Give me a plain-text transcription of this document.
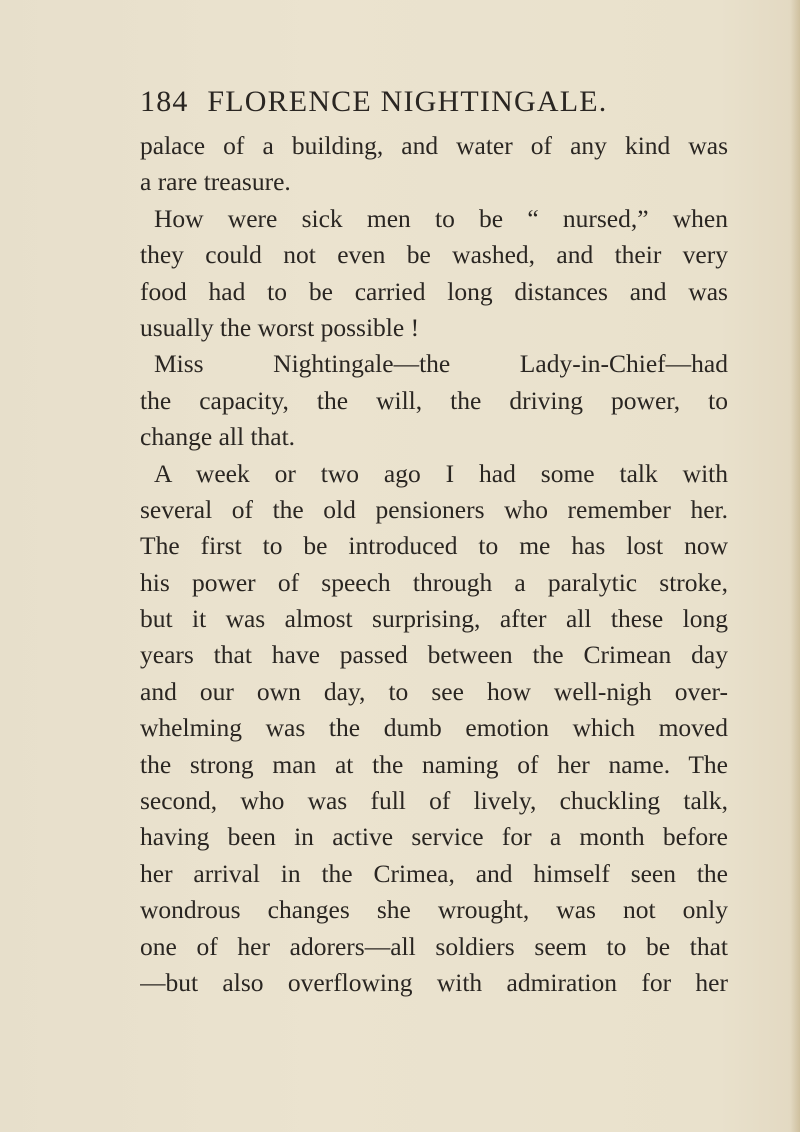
184 FLORENCE NIGHTINGALE.
palace of a building, and water of any kind was
a rare treasure.
How were sick men to be “ nursed,” when
they could not even be washed, and their very
food had to be carried long distances and was
usually the worst possible !
Miss Nightingale—the Lady-in-Chief—had
the capacity, the will, the driving power, to
change all that.
A week or two ago I had some talk with
several of the old pensioners who remember her.
The first to be introduced to me has lost now
his power of speech through a paralytic stroke,
but it was almost surprising, after all these long
years that have passed between the Crimean day
and our own day, to see how well-nigh over-
whelming was the dumb emotion which moved
the strong man at the naming of her name. The
second, who was full of lively, chuckling talk,
having been in active service for a month before
her arrival in the Crimea, and himself seen the
wondrous changes she wrought, was not only
one of her adorers—all soldiers seem to be that
—but also overflowing with admiration for her
